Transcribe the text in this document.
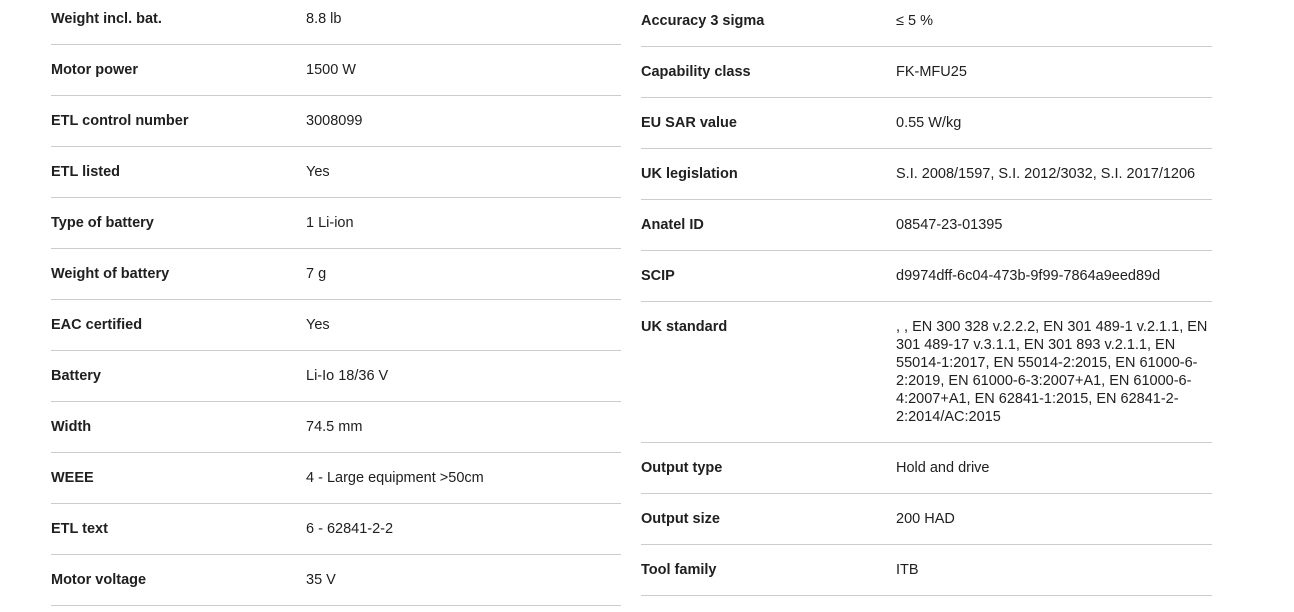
Weight incl. bat.	8.8 lb
Motor power	1500 W
ETL control number	3008099
ETL listed	Yes
Type of battery	1 Li-ion
Weight of battery	7 g
EAC certified	Yes
Battery	Li-Io 18/36 V
Width	74.5 mm
WEEE	4 - Large equipment >50cm
ETL text	6 - 62841-2-2
Motor voltage	35 V
Accuracy 3 sigma	≤ 5 %
Capability class	FK-MFU25
EU SAR value	0.55 W/kg
UK legislation	S.I. 2008/1597, S.I. 2012/3032, S.I. 2017/1206
Anatel ID	08547-23-01395
SCIP	d9974dff-6c04-473b-9f99-7864a9eed89d
UK standard	, , EN 300 328 v.2.2.2, EN 301 489-1 v.2.1.1, EN 301 489-17 v.3.1.1, EN 301 893 v.2.1.1, EN 55014-1:2017, EN 55014-2:2015, EN 61000-6-2:2019, EN 61000-6-3:2007+A1, EN 61000-6-4:2007+A1, EN 62841-1:2015, EN 62841-2-2:2014/AC:2015
Output type	Hold and drive
Output size	200 HAD
Tool family	ITB
